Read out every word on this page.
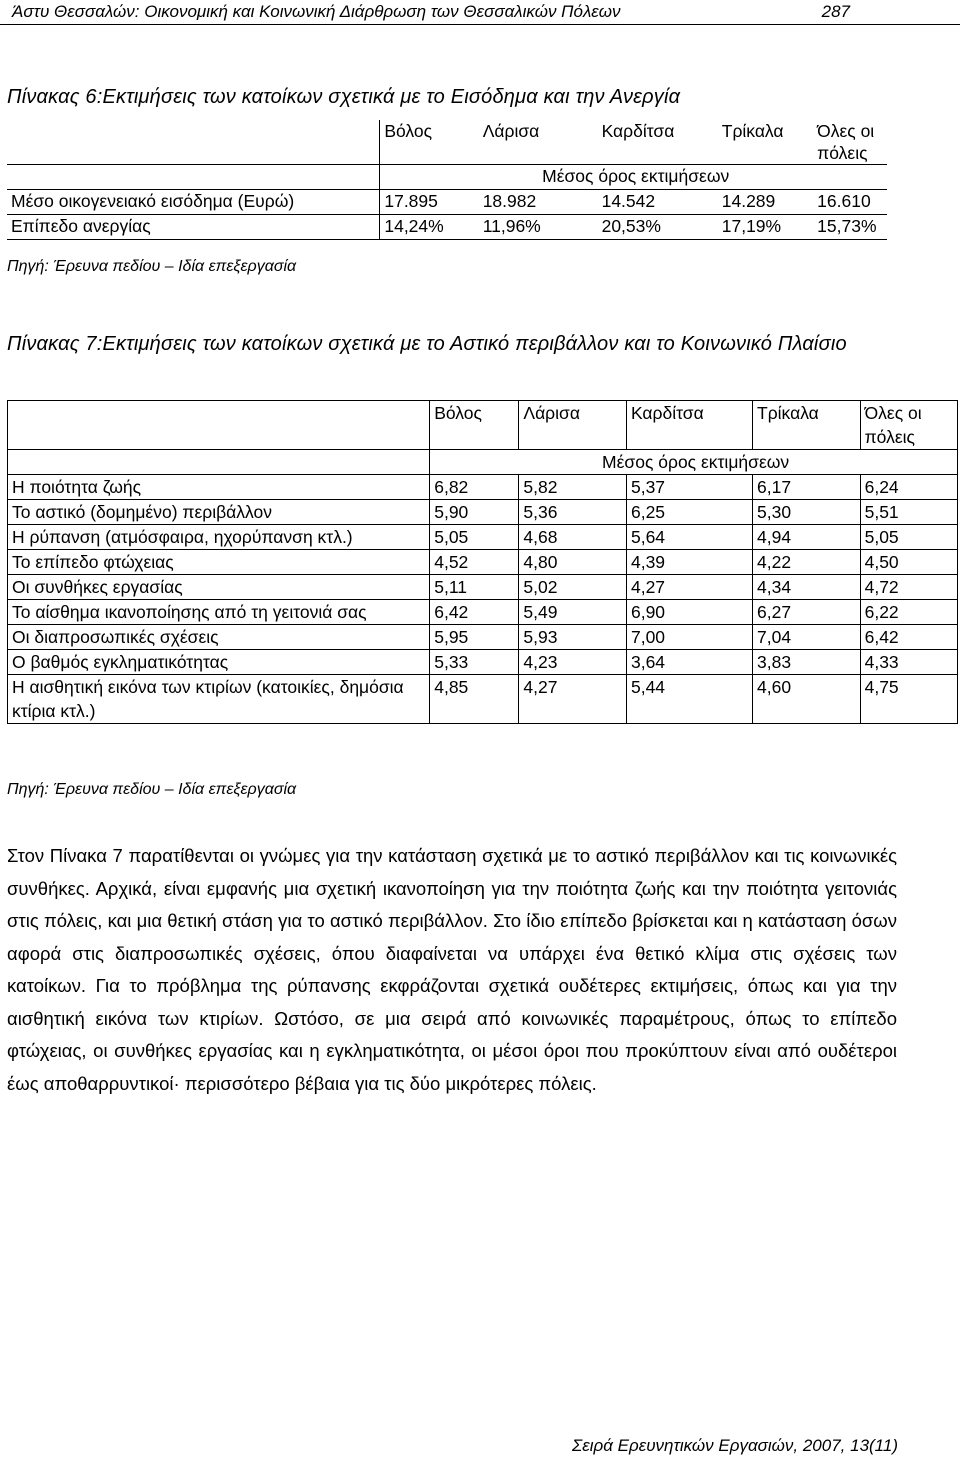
Άστυ Θεσσαλών: Οικονομική και Κοινωνική Διάρθρωση των Θεσσαλικών Πόλεων	287
Πίνακας 6:Εκτιμήσεις των κατοίκων σχετικά με το Εισόδημα και την Ανεργία
	Βόλος	Λάρισα	Καρδίτσα	Τρίκαλα	Όλες οι πόλεις
	Μέσος όρος εκτιμήσεων				
Μέσο οικογενειακό εισόδημα (Ευρώ)	17.895	18.982	14.542	14.289	16.610
Επίπεδο ανεργίας	14,24%	11,96%	20,53%	17,19%	15,73%
Πηγή: Έρευνα πεδίου – Ιδία επεξεργασία
Πίνακας 7:Εκτιμήσεις των κατοίκων σχετικά με το Αστικό περιβάλλον και το Κοινωνικό Πλαίσιο
	Βόλος	Λάρισα	Καρδίτσα	Τρίκαλα	Όλες οι πόλεις
	Μέσος όρος εκτιμήσεων				
Η ποιότητα ζωής	6,82	5,82	5,37	6,17	6,24
Το αστικό (δομημένο) περιβάλλον	5,90	5,36	6,25	5,30	5,51
Η ρύπανση (ατμόσφαιρα, ηχορύπανση κτλ.)	5,05	4,68	5,64	4,94	5,05
Το επίπεδο φτώχειας	4,52	4,80	4,39	4,22	4,50
Οι συνθήκες εργασίας	5,11	5,02	4,27	4,34	4,72
Το αίσθημα ικανοποίησης από τη γειτονιά σας	6,42	5,49	6,90	6,27	6,22
Οι διαπροσωπικές σχέσεις	5,95	5,93	7,00	7,04	6,42
Ο βαθμός εγκληματικότητας	5,33	4,23	3,64	3,83	4,33
Η αισθητική εικόνα των κτιρίων (κατοικίες, δημόσια κτίρια κτλ.)	4,85	4,27	5,44	4,60	4,75
Πηγή: Έρευνα πεδίου – Ιδία επεξεργασία
Στον Πίνακα 7 παρατίθενται οι γνώμες για την κατάσταση σχετικά με το αστικό περιβάλλον και τις κοινωνικές συνθήκες. Αρχικά, είναι εμφανής μια σχετική ικανοποίηση για την ποιότητα ζωής και την ποιότητα γειτονιάς στις πόλεις, και μια θετική στάση για το αστικό περιβάλλον. Στο ίδιο επίπεδο βρίσκεται και η κατάσταση όσων αφορά στις διαπροσωπικές σχέσεις, όπου διαφαίνεται να υπάρχει ένα θετικό κλίμα στις σχέσεις των κατοίκων. Για το πρόβλημα της ρύπανσης εκφράζονται σχετικά ουδέτερες εκτιμήσεις, όπως και για την αισθητική εικόνα των κτιρίων. Ωστόσο, σε μια σειρά από κοινωνικές παραμέτρους, όπως το επίπεδο φτώχειας, οι συνθήκες εργασίας και η εγκληματικότητα, οι μέσοι όροι που προκύπτουν είναι από ουδέτεροι έως αποθαρρυντικοί· περισσότερο βέβαια για τις δύο μικρότερες πόλεις.
Σειρά Ερευνητικών Εργασιών, 2007, 13(11)
